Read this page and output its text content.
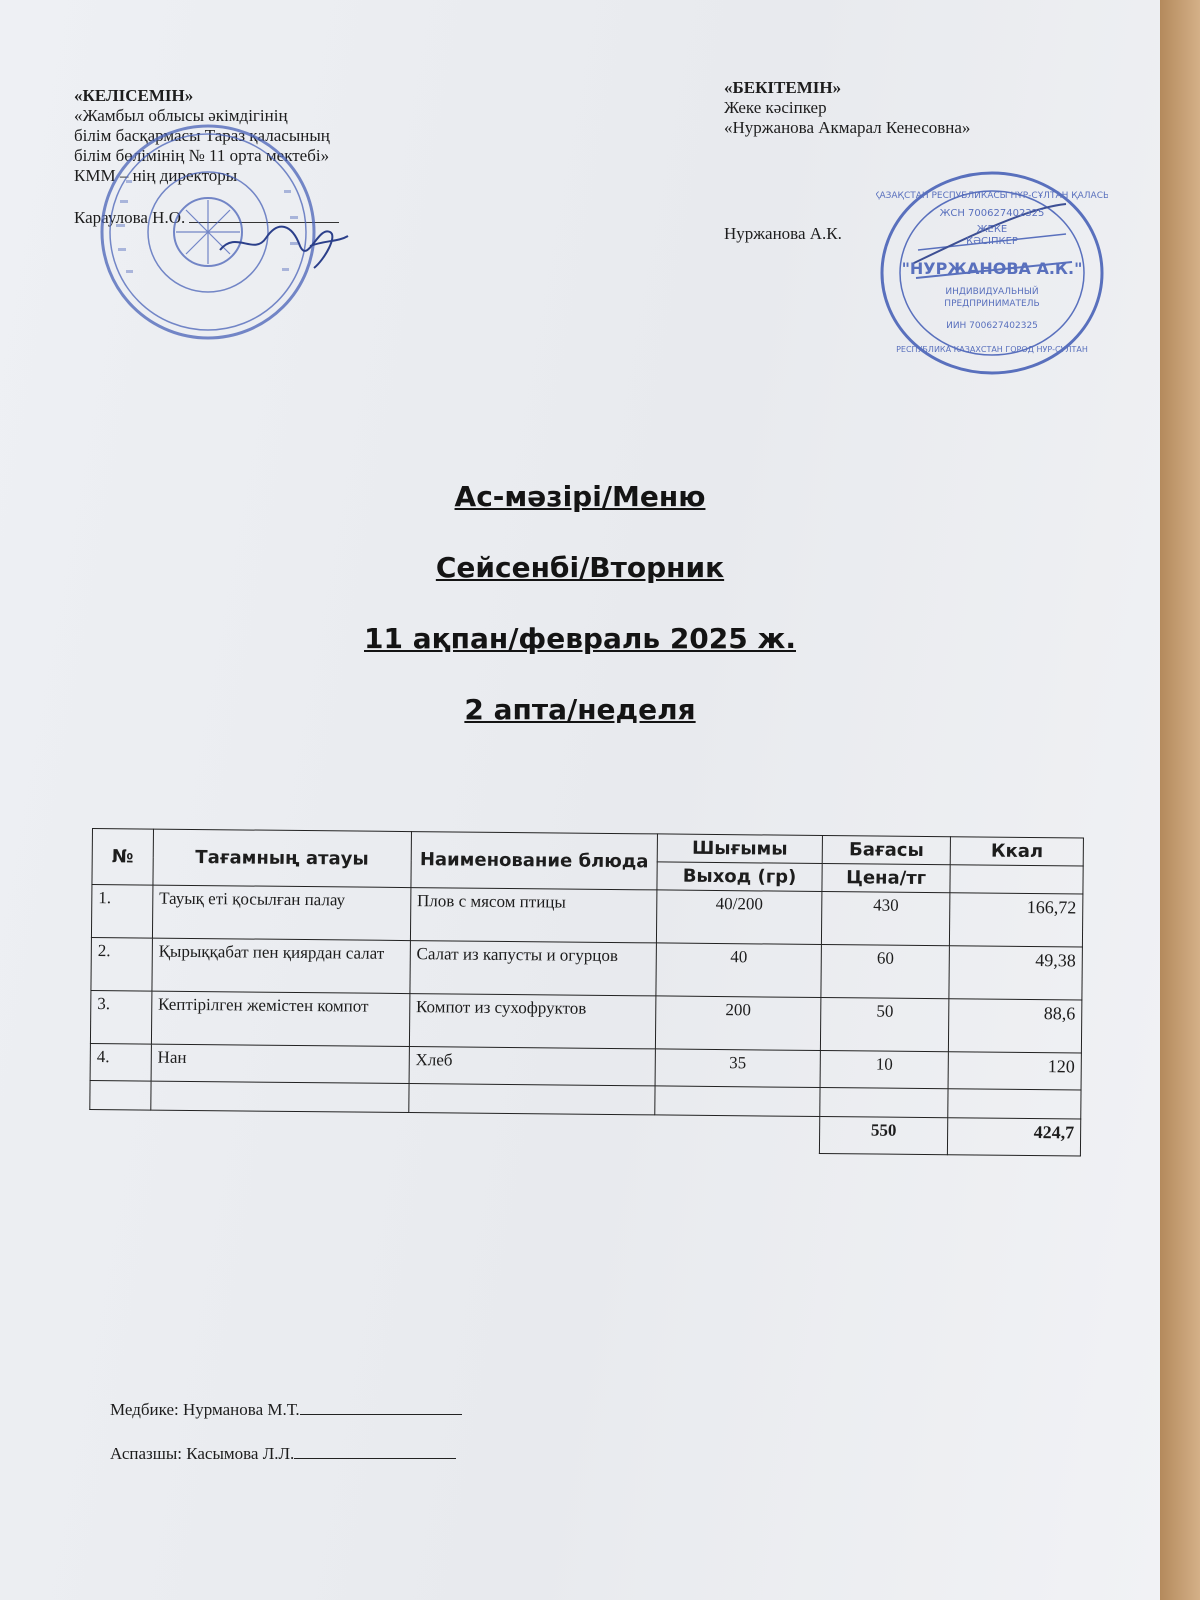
«КЕЛІСЕМІН»
«Жамбыл облысы әкімдігінің
білім басқармасы Тараз қаласының
білім бөлімінің № 11 орта мектебі»
КММ – нің директоры
Караулова Н.О.
«БЕКІТЕМІН»
Жеке кәсіпкер
«Нуржанова Акмарал Кенесовна»
Нуржанова А.К.
ҚАЗАҚСТАН РЕСПУБЛИКАСЫ НҰР-СҰЛТАН ҚАЛАСЫ
ЖСН 700627402325
ЖЕКЕ
КӘСІПКЕР
"НУРЖАНОВА А.К."
ИНДИВИДУАЛЬНЫЙ
ПРЕДПРИНИМАТЕЛЬ
ИИН 700627402325
РЕСПУБЛИКА КАЗАХСТАН ГОРОД НУР-СУЛТАН
Ас-мәзірі/Меню
Сейсенбі/Вторник
11 ақпан/февраль 2025 ж.
2 апта/неделя
№	Тағамның атауы	Наименование блюда	Шығымы	Бағасы	Ккал
			Выход (гр)	Цена/тг	
1.	Тауық еті қосылған палау	Плов с мясом птицы	40/200	430	166,72
2.	Қырыққабат пен қиярдан салат	Салат из капусты и огурцов	40	60	49,38
3.	Кептірілген жемістен компот	Компот из сухофруктов	200	50	88,6
4.	Нан	Хлеб	35	10	120

				550	424,7
Медбике: Нурманова М.Т.
Аспазшы: Касымова Л.Л.
